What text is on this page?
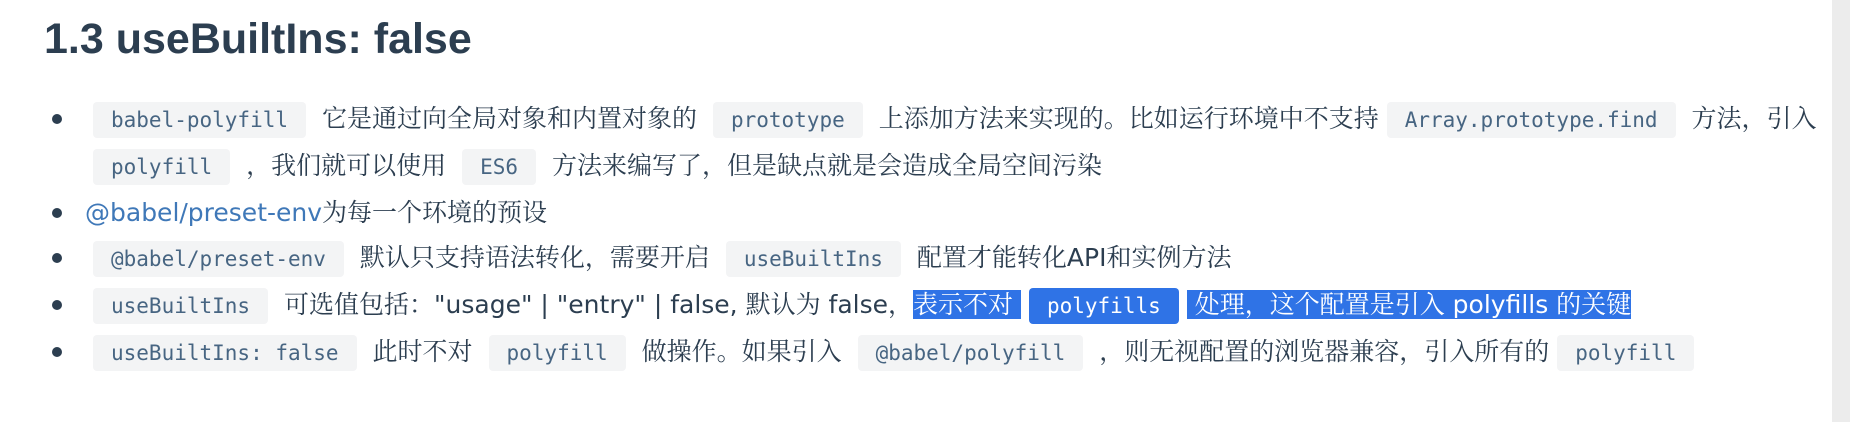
1.3 useBuiltIns: false
babel-polyfill 它是通过向全局对象和内置对象的 prototype 上添加方法来实现的。比如运行环境中不支持 Array.prototype.find 方法，引入 polyfill ，我们就可以使用 ES6 方法来编写了，但是缺点就是会造成全局空间污染
@babel/preset-env为每一个环境的预设
@babel/preset-env 默认只支持语法转化，需要开启 useBuiltIns 配置才能转化API和实例方法
useBuiltIns 可选值包括："usage" | "entry" | false, 默认为 false，表示不对 polyfills 处理，这个配置是引入 polyfills 的关键
useBuiltIns: false 此时不对 polyfill 做操作。如果引入 @babel/polyfill ，则无视配置的浏览器兼容，引入所有的 polyfill
